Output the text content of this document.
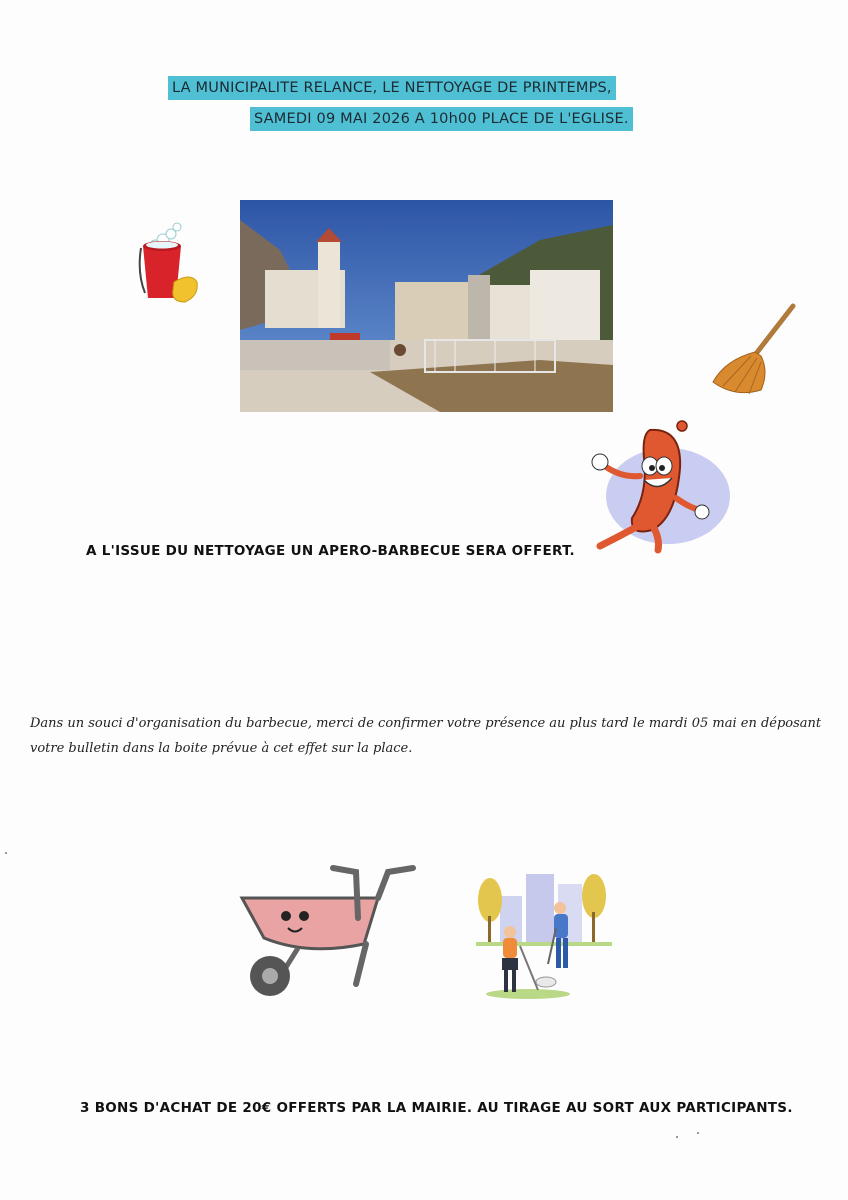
LA MUNICIPALITE RELANCE, LE NETTOYAGE DE PRINTEMPS,
SAMEDI 09 MAI 2026 A 10h00 PLACE DE L'EGLISE.
A L'ISSUE DU NETTOYAGE UN APERO-BARBECUE SERA OFFERT.
Dans un souci d'organisation du barbecue, merci de confirmer votre présence au plus tard le mardi 05 mai en déposant
votre bulletin dans la boite prévue à cet effet sur la place.
3 BONS D'ACHAT DE 20€ OFFERTS PAR LA MAIRIE. AU TIRAGE AU SORT AUX PARTICIPANTS.
